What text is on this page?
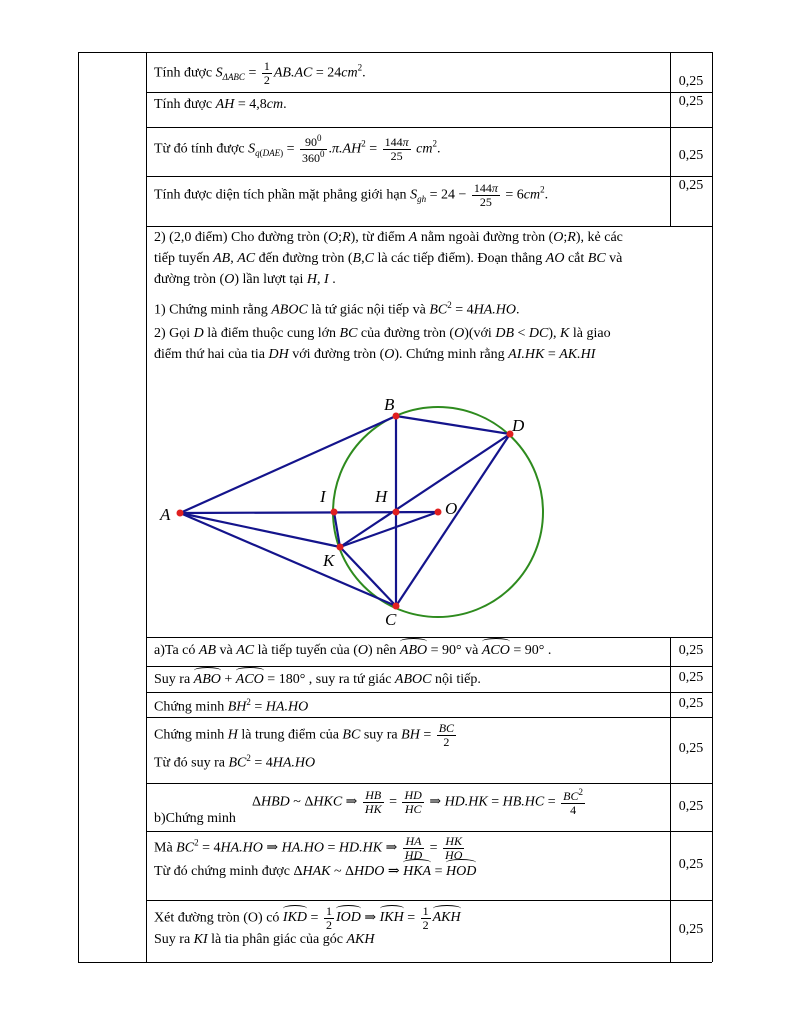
Tính được $S_{\Delta ABC} = \frac{1}{2} AB.AC = 24cm^2$.
0,25
Tính được AH = 4,8cm.	0,25
Từ đó tính được $S_{q(DAE)} = \frac{90^0}{360^0} .\pi.AH^2 = \frac{144\pi}{25} cm^2$.	0,25
Tính được diện tích phần mặt phẳng giới hạn $S_{gh} = 24 - \frac{144\pi}{25} = 6cm^2$.
0,25
2) (2,0 điểm) Cho đường tròn (O;R), từ điểm A nằm ngoài đường tròn (O;R), kẻ các
tiếp tuyến AB, AC đến đường tròn (B,C là các tiếp điểm). Đoạn thẳng AO cắt BC và
đường tròn (O) lần lượt tại H, I .
1) Chứng minh rằng ABOC là tứ giác nội tiếp và $BC^2 = 4HA.HO$.
2) Gọi D là điểm thuộc cung lớn BC của đường tròn (O)(với DB < DC), K là giao
điểm thứ hai của tia DH với đường tròn (O). Chứng minh rằng AI.HK = AK.HI
A
B
C
D
H
I
K
O
a)Ta có AB và AC là tiếp tuyến của (O) nên ABO = 90° và ACO = 90° .	0,25
Suy ra ABO + ACO = 180° , suy ra tứ giác ABOC nội tiếp.	0,25
Chứng minh $BH^2 = HA.HO$	0,25
Chứng minh H là trung điểm của BC suy ra BH = $\frac{BC}{2}$
Từ đó suy ra $BC^2 = 4HA.HO$
0,25
ΔHBD ~ ΔHKC ⇒ $\frac{HB}{HK} = \frac{HD}{HC}$ ⇒ $HD.HK = HB.HC = \frac{BC^2}{4}$
b)Chứng minh
0,25
Mà $BC^2 = 4HA.HO$ ⇒ HA.HO = HD.HK ⇒ $\frac{HA}{HD} = \frac{HK}{HO}$
Từ đó chứng minh được ΔHAK ~ ΔHDO ⇒ HKA = HOD	0,25
Xét đường tròn (O) có IKD = $\frac{1}{2}$ IOD ⇒ IKH = $\frac{1}{2}$ AKH
Suy ra KI là tia phân giác của góc AKH
0,25
